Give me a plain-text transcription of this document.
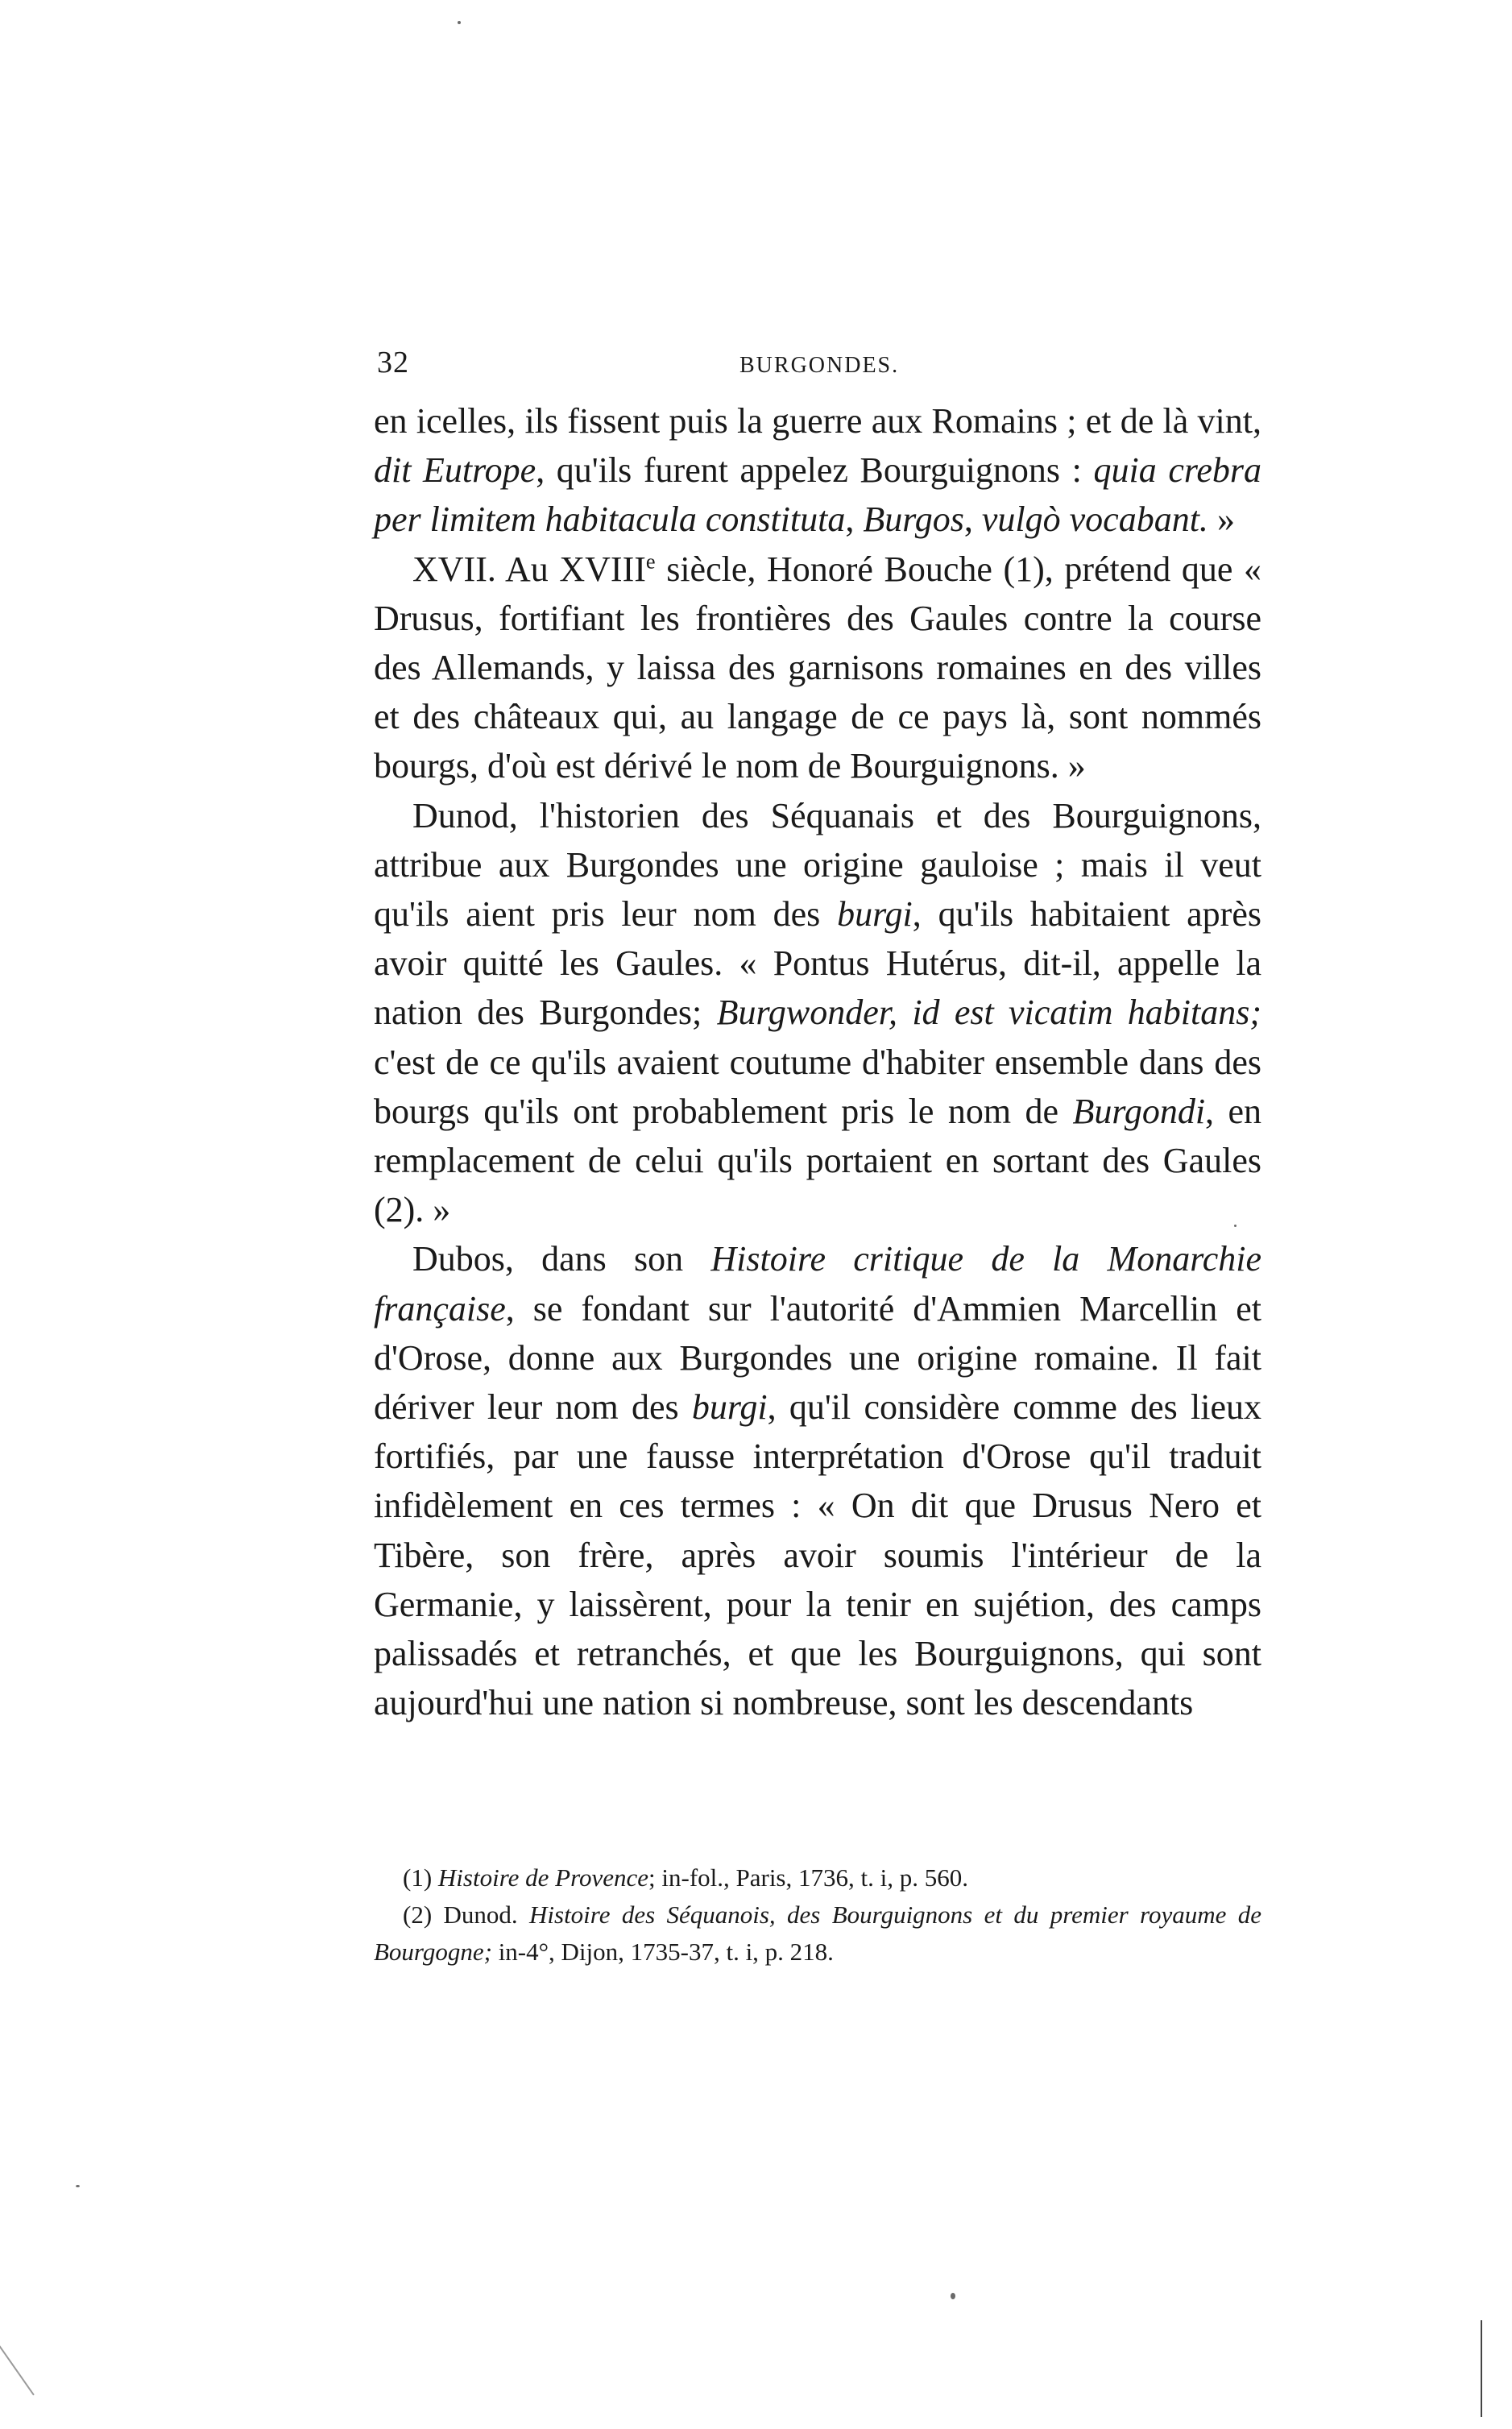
32	BURGONDES.

en icelles, ils fissent puis la guerre aux Romains ; et de là vint, dit Eutrope, qu'ils furent appelez Bourguignons : quia crebra per limitem habitacula constituta, Burgos, vulgò vocabant. »

XVII. Au XVIIIe siècle, Honoré Bouche (1), prétend que « Drusus, fortifiant les frontières des Gaules contre la course des Allemands, y laissa des garnisons romaines en des villes et des châteaux qui, au langage de ce pays là, sont nommés bourgs, d'où est dérivé le nom de Bourguignons. »

Dunod, l'historien des Séquanais et des Bourguignons, attribue aux Burgondes une origine gauloise ; mais il veut qu'ils aient pris leur nom des burgi, qu'ils habitaient après avoir quitté les Gaules. « Pontus Hutérus, dit-il, appelle la nation des Burgondes; Burgwonder, id est vicatim habitans; c'est de ce qu'ils avaient coutume d'habiter ensemble dans des bourgs qu'ils ont probablement pris le nom de Burgondi, en remplacement de celui qu'ils portaient en sortant des Gaules (2). »

Dubos, dans son Histoire critique de la Monarchie française, se fondant sur l'autorité d'Ammien Marcellin et d'Orose, donne aux Burgondes une origine romaine. Il fait dériver leur nom des burgi, qu'il considère comme des lieux fortifiés, par une fausse interprétation d'Orose qu'il traduit infidèlement en ces termes : « On dit que Drusus Nero et Tibère, son frère, après avoir soumis l'intérieur de la Germanie, y laissèrent, pour la tenir en sujétion, des camps palissadés et retranchés, et que les Bourguignons, qui sont aujourd'hui une nation si nombreuse, sont les descendants

(1) Histoire de Provence; in-fol., Paris, 1736, t. i, p. 560.

(2) Dunod. Histoire des Séquanois, des Bourguignons et du premier royaume de Bourgogne; in-4°, Dijon, 1735-37, t. i, p. 218.
